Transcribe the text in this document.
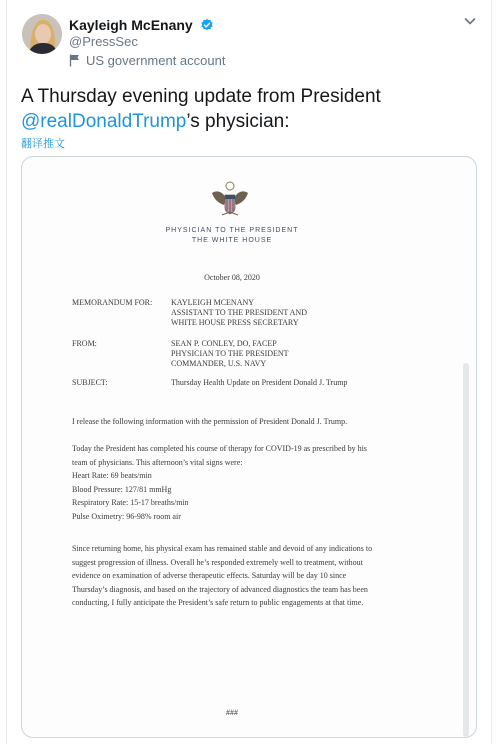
Kayleigh McEnany
@PressSec
US government account
A Thursday evening update from President
@realDonaldTrump’s physician:
翻译推文
PHYSICIAN TO THE PRESIDENT
THE WHITE HOUSE
October 08, 2020
MEMORANDUM FOR: KAYLEIGH MCENANY
ASSISTANT TO THE PRESIDENT AND
WHITE HOUSE PRESS SECRETARY
FROM:	SEAN P. CONLEY, DO, FACEP
PHYSICIAN TO THE PRESIDENT
COMMANDER, U.S. NAVY
SUBJECT:	Thursday Health Update on President Donald J. Trump
I release the following information with the permission of President Donald J. Trump.
Today the President has completed his course of therapy for COVID-19 as prescribed by his
team of physicians. This afternoon’s vital signs were:
Heart Rate: 69 beats/min
Blood Pressure: 127/81 mmHg
Respiratory Rate: 15-17 breaths/min
Pulse Oximetry: 96-98% room air
Since returning home, his physical exam has remained stable and devoid of any indications to
suggest progression of illness. Overall he’s responded extremely well to treatment, without
evidence on examination of adverse therapeutic effects. Saturday will be day 10 since
Thursday’s diagnosis, and based on the trajectory of advanced diagnostics the team has been
conducting, I fully anticipate the President’s safe return to public engagements at that time.
###
